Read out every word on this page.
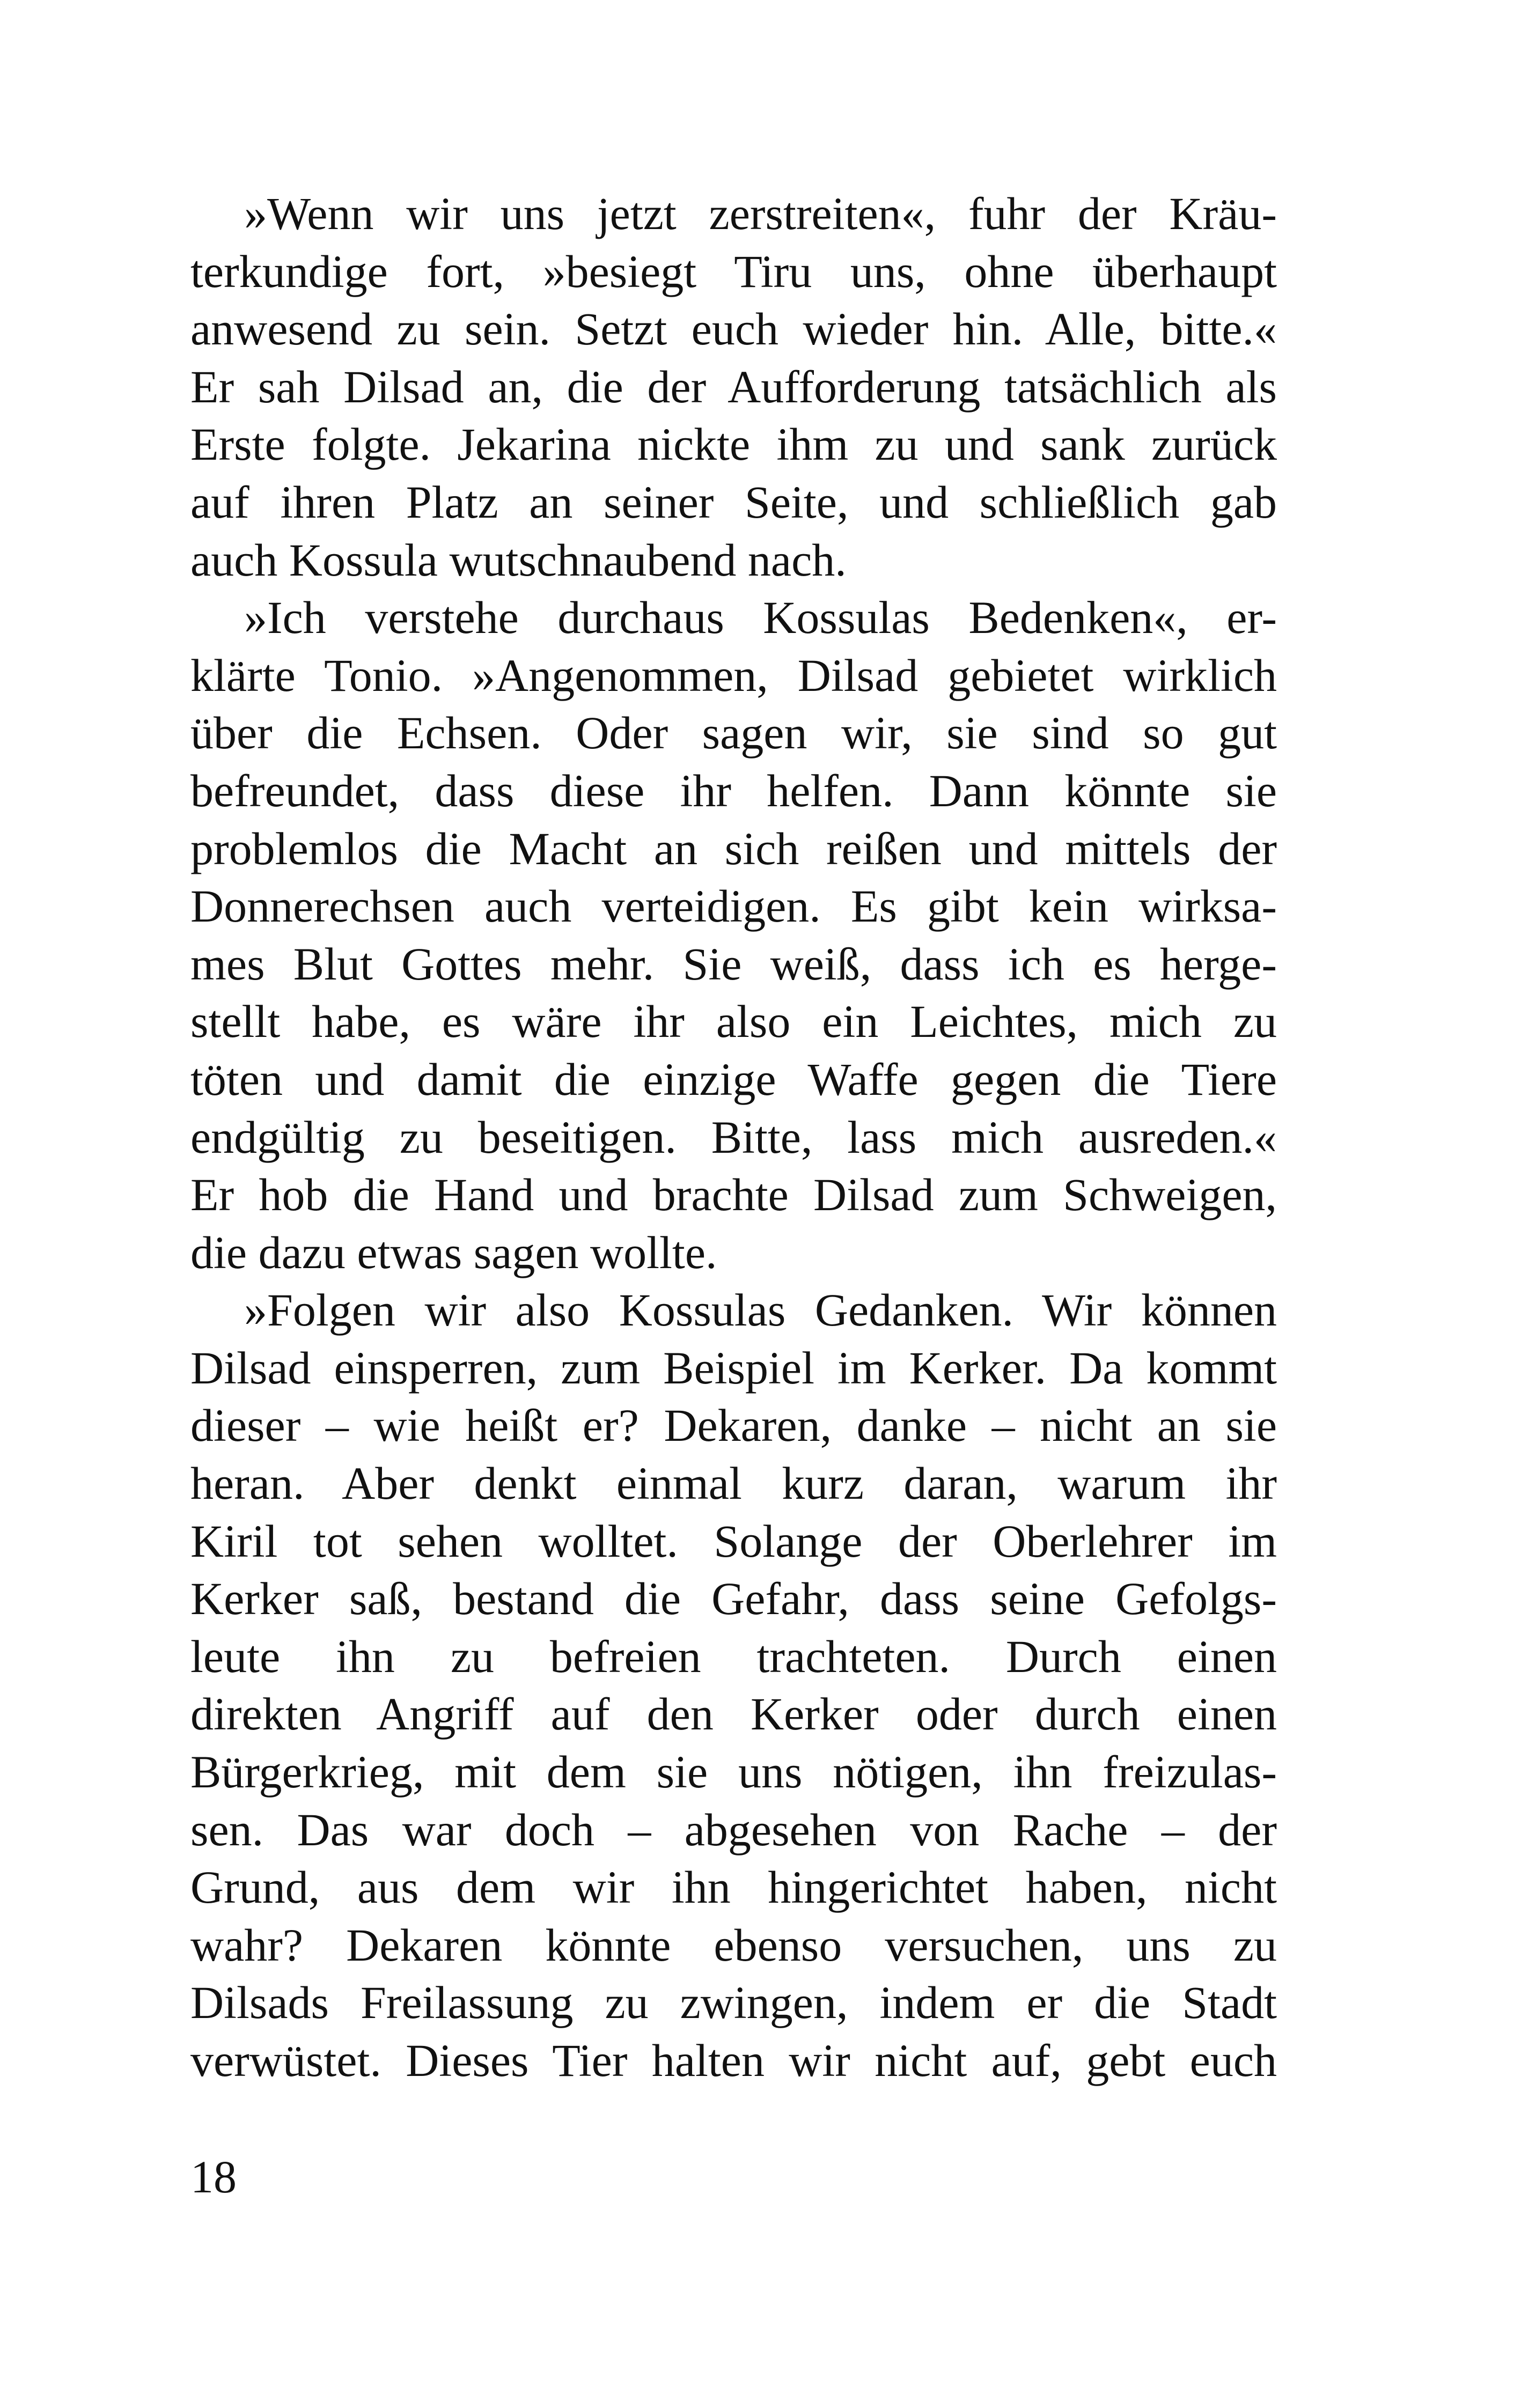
»Wenn wir uns jetzt zerstreiten«, fuhr der Kräu-
terkundige fort, »besiegt Tiru uns, ohne überhaupt
anwesend zu sein. Setzt euch wieder hin. Alle, bitte.«
Er sah Dilsad an, die der Aufforderung tatsächlich als
Erste folgte. Jekarina nickte ihm zu und sank zurück
auf ihren Platz an seiner Seite, und schließlich gab
auch Kossula wutschnaubend nach.
»Ich verstehe durchaus Kossulas Bedenken«, er-
klärte Tonio. »Angenommen, Dilsad gebietet wirklich
über die Echsen. Oder sagen wir, sie sind so gut
befreundet, dass diese ihr helfen. Dann könnte sie
problemlos die Macht an sich reißen und mittels der
Donnerechsen auch verteidigen. Es gibt kein wirksa-
mes Blut Gottes mehr. Sie weiß, dass ich es herge-
stellt habe, es wäre ihr also ein Leichtes, mich zu
töten und damit die einzige Waffe gegen die Tiere
endgültig zu beseitigen. Bitte, lass mich ausreden.«
Er hob die Hand und brachte Dilsad zum Schweigen,
die dazu etwas sagen wollte.
»Folgen wir also Kossulas Gedanken. Wir können
Dilsad einsperren, zum Beispiel im Kerker. Da kommt
dieser – wie heißt er? Dekaren, danke – nicht an sie
heran. Aber denkt einmal kurz daran, warum ihr
Kiril tot sehen wolltet. Solange der Oberlehrer im
Kerker saß, bestand die Gefahr, dass seine Gefolgs-
leute ihn zu befreien trachteten. Durch einen
direkten Angriff auf den Kerker oder durch einen
Bürgerkrieg, mit dem sie uns nötigen, ihn freizulas-
sen. Das war doch – abgesehen von Rache – der
Grund, aus dem wir ihn hingerichtet haben, nicht
wahr? Dekaren könnte ebenso versuchen, uns zu
Dilsads Freilassung zu zwingen, indem er die Stadt
verwüstet. Dieses Tier halten wir nicht auf, gebt euch
18
